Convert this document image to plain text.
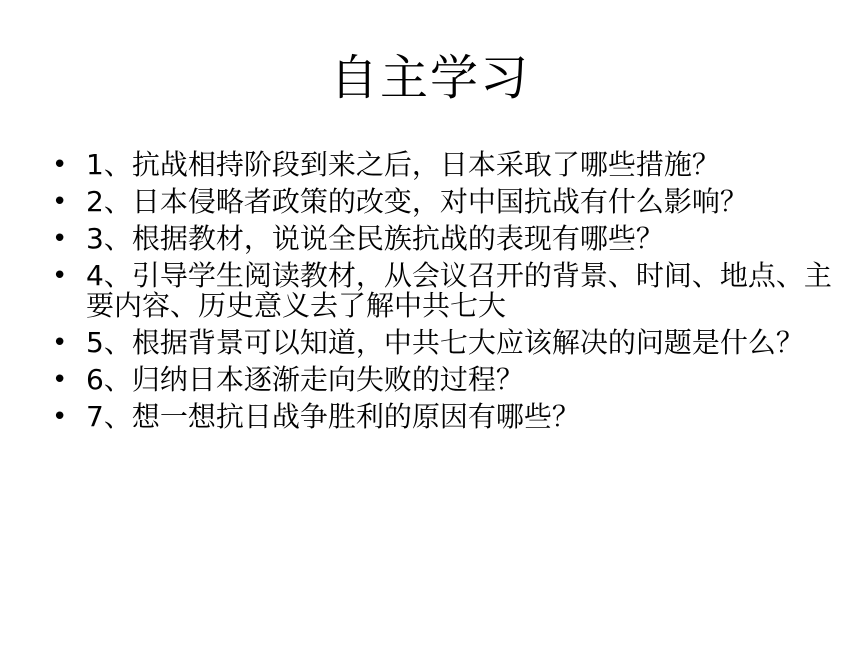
自主学习
• 1、抗战相持阶段到来之后，日本采取了哪些措施？
• 2、日本侵略者政策的改变，对中国抗战有什么影响？
• 3、根据教材，说说全民族抗战的表现有哪些？
• 4、引导学生阅读教材，从会议召开的背景、时间、地点、主要内容、历史意义去了解中共七大
• 5、根据背景可以知道，中共七大应该解决的问题是什么？
• 6、归纳日本逐渐走向失败的过程？
• 7、想一想抗日战争胜利的原因有哪些？
